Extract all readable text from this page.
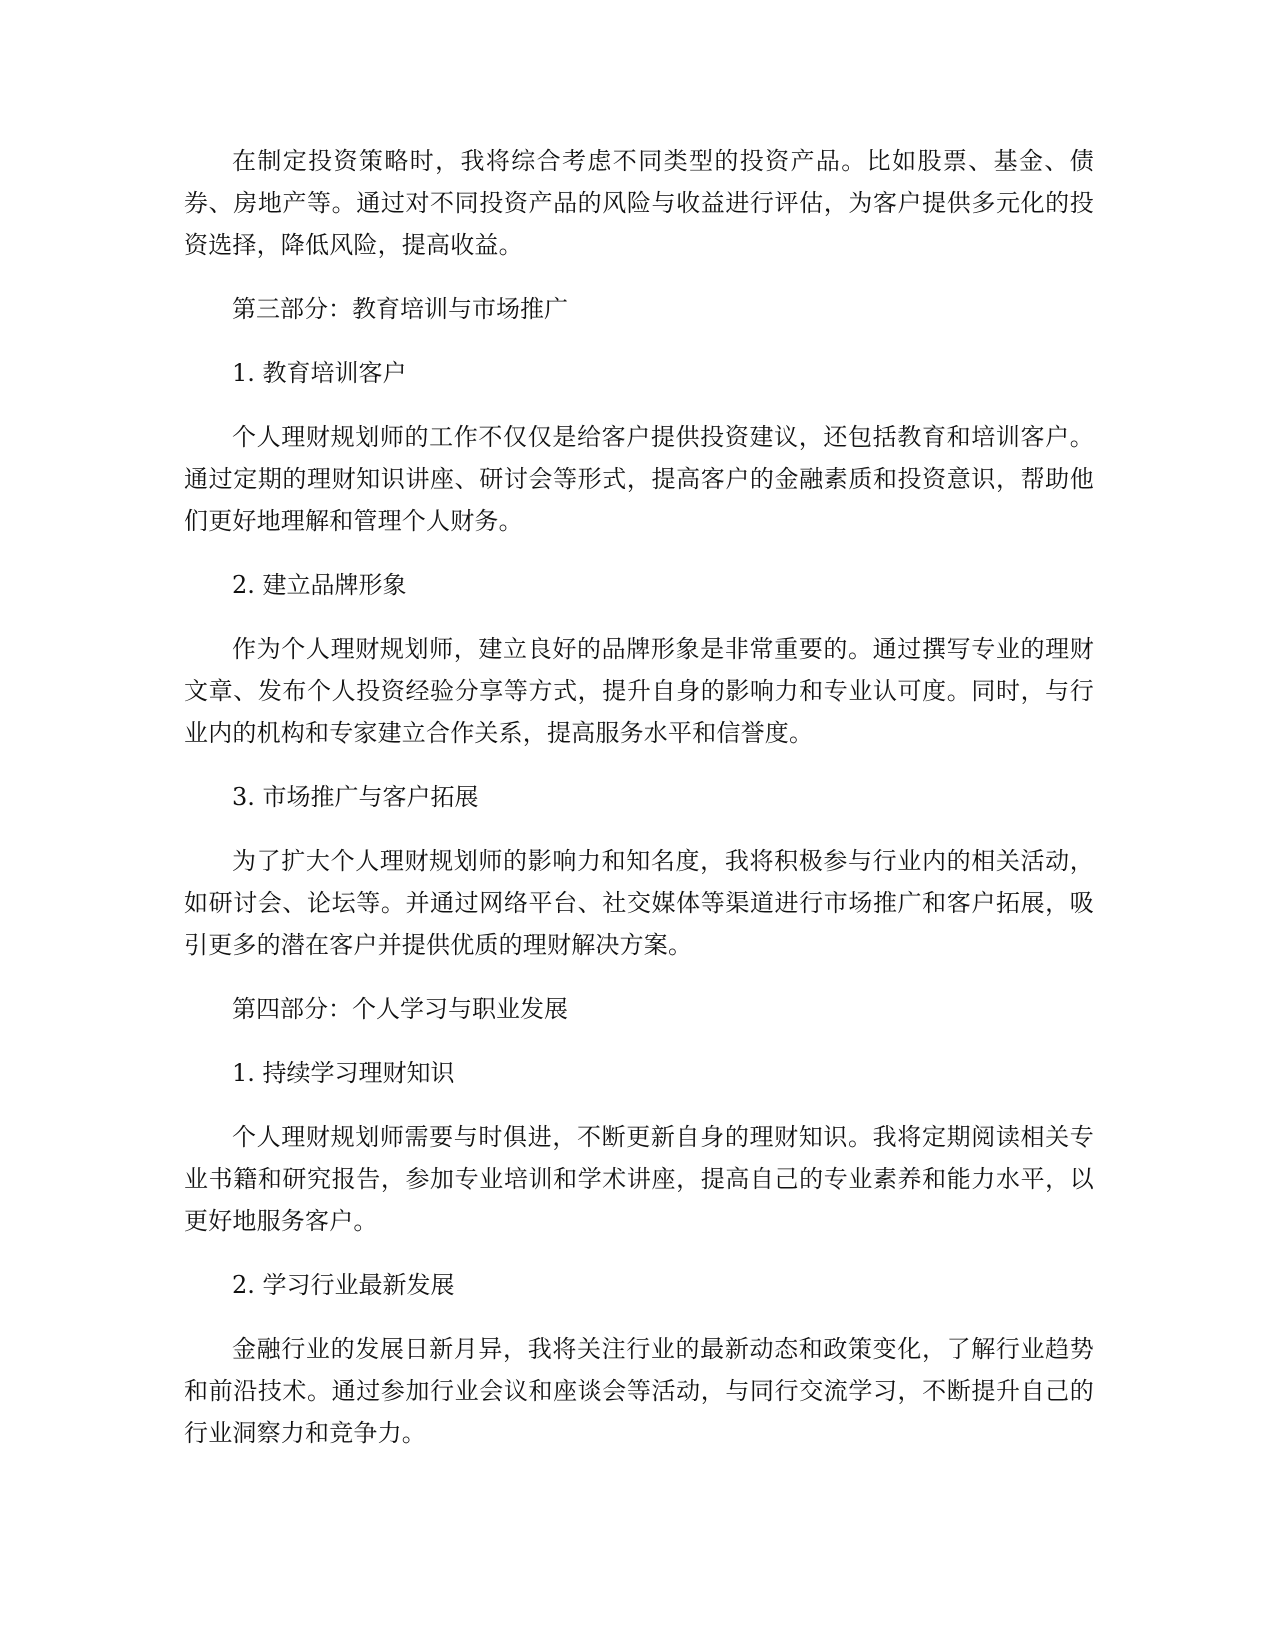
在制定投资策略时，我将综合考虑不同类型的投资产品。比如股票、基金、债券、房地产等。通过对不同投资产品的风险与收益进行评估，为客户提供多元化的投资选择，降低风险，提高收益。

第三部分：教育培训与市场推广

1. 教育培训客户

个人理财规划师的工作不仅仅是给客户提供投资建议，还包括教育和培训客户。通过定期的理财知识讲座、研讨会等形式，提高客户的金融素质和投资意识，帮助他们更好地理解和管理个人财务。

2. 建立品牌形象

作为个人理财规划师，建立良好的品牌形象是非常重要的。通过撰写专业的理财文章、发布个人投资经验分享等方式，提升自身的影响力和专业认可度。同时，与行业内的机构和专家建立合作关系，提高服务水平和信誉度。

3. 市场推广与客户拓展

为了扩大个人理财规划师的影响力和知名度，我将积极参与行业内的相关活动，如研讨会、论坛等。并通过网络平台、社交媒体等渠道进行市场推广和客户拓展，吸引更多的潜在客户并提供优质的理财解决方案。

第四部分：个人学习与职业发展

1. 持续学习理财知识

个人理财规划师需要与时俱进，不断更新自身的理财知识。我将定期阅读相关专业书籍和研究报告，参加专业培训和学术讲座，提高自己的专业素养和能力水平，以更好地服务客户。

2. 学习行业最新发展

金融行业的发展日新月异，我将关注行业的最新动态和政策变化，了解行业趋势和前沿技术。通过参加行业会议和座谈会等活动，与同行交流学习，不断提升自己的行业洞察力和竞争力。
